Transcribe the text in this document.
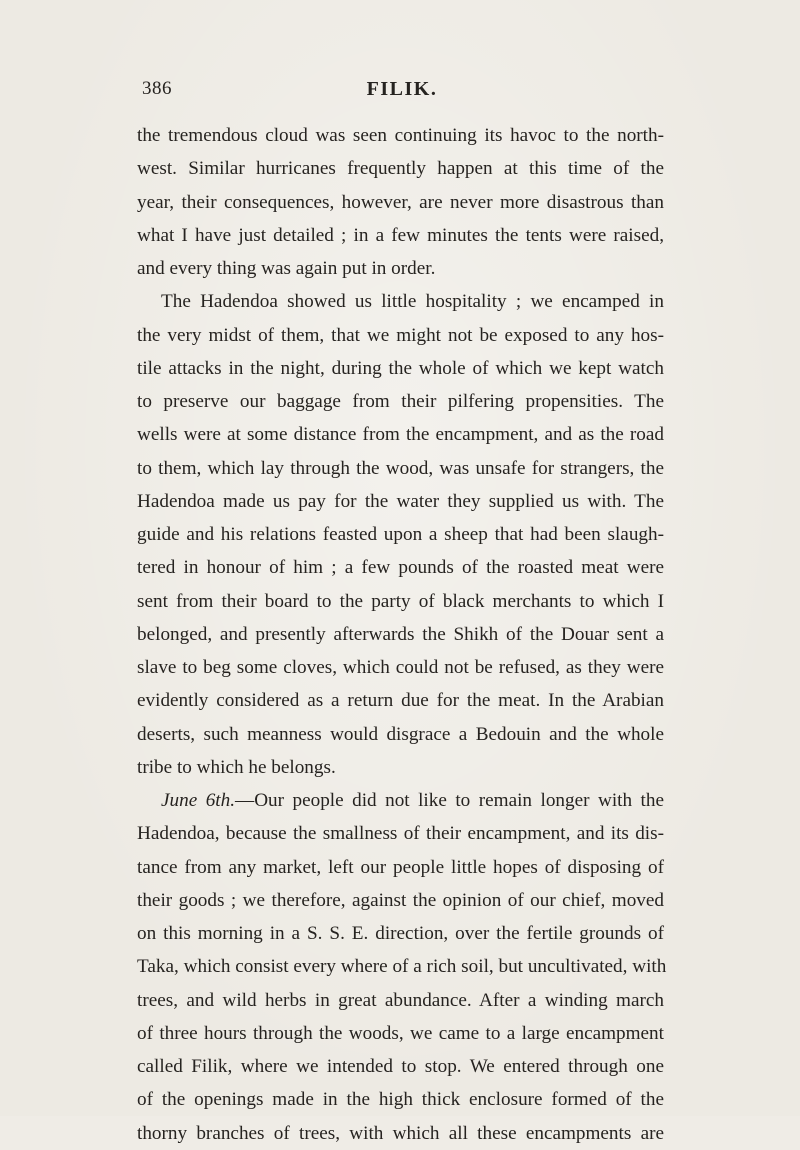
386	FILIK.
the tremendous cloud was seen continuing its havoc to the north-
west. Similar hurricanes frequently happen at this time of the
year, their consequences, however, are never more disastrous than
what I have just detailed ; in a few minutes the tents were raised,
and every thing was again put in order.
The Hadendoa showed us little hospitality ; we encamped in
the very midst of them, that we might not be exposed to any hos-
tile attacks in the night, during the whole of which we kept watch
to preserve our baggage from their pilfering propensities. The
wells were at some distance from the encampment, and as the road
to them, which lay through the wood, was unsafe for strangers, the
Hadendoa made us pay for the water they supplied us with. The
guide and his relations feasted upon a sheep that had been slaugh-
tered in honour of him ; a few pounds of the roasted meat were
sent from their board to the party of black merchants to which I
belonged, and presently afterwards the Shikh of the Douar sent a
slave to beg some cloves, which could not be refused, as they were
evidently considered as a return due for the meat. In the Arabian
deserts, such meanness would disgrace a Bedouin and the whole
tribe to which he belongs.
June 6th.—Our people did not like to remain longer with the
Hadendoa, because the smallness of their encampment, and its dis-
tance from any market, left our people little hopes of disposing of
their goods ; we therefore, against the opinion of our chief, moved
on this morning in a S. S. E. direction, over the fertile grounds of
Taka, which consist every where of a rich soil, but uncultivated, with
trees, and wild herbs in great abundance. After a winding march
of three hours through the woods, we came to a large encampment
called Filik, where we intended to stop. We entered through one
of the openings made in the high thick enclosure formed of the
thorny branches of trees, with which all these encampments are
